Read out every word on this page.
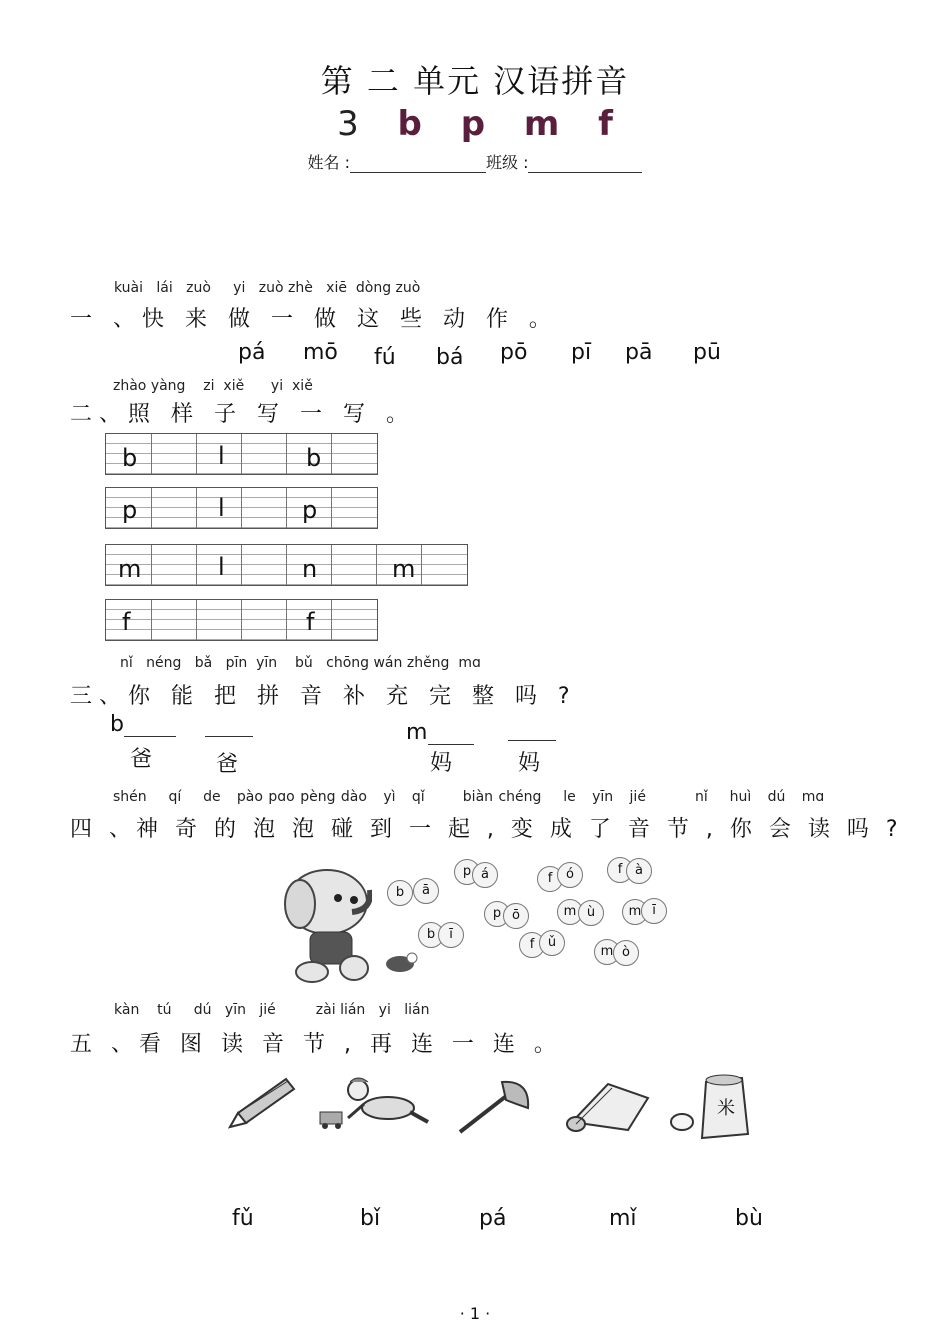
第 二 单元 汉语拼音
3 b p m f
姓名 :	班级 :
kuài lái zuò yi zuò zhè xiē dòng zuò
一 、快 来 做 一 做 这 些 动 作 。
pá mō fú bá pō pī pā pū
zhào yàng zi xiě yi xiě
二、照 样 子 写 一 写 。
b	l	b
p	l	p
m	l	n	m
f	f
nǐ néng bǎ pīn yīn bǔ chōng wán zhěng mɑ
三、你 能 把 拼 音 补 充 完 整 吗 ?
b
爸	爸
m
妈	妈
shén qí de pào pɑo pèng dào yì qǐ	biàn chéng le yīn jié	nǐ huì dú mɑ
四 、神 奇 的 泡 泡 碰 到 一 起 , 变 成 了 音 节 , 你 会 读 吗 ?
b	ā
p á	f	ó	f à
p ō	m ù	m ī
b	ī
f	ǔ
m ò
kàn tú dú yīn jié	zài lián yi lián
五 、看 图 读 音 节 , 再 连 一 连 。
米
fǔ	bǐ	pá	mǐ	bù
· 1 ·
